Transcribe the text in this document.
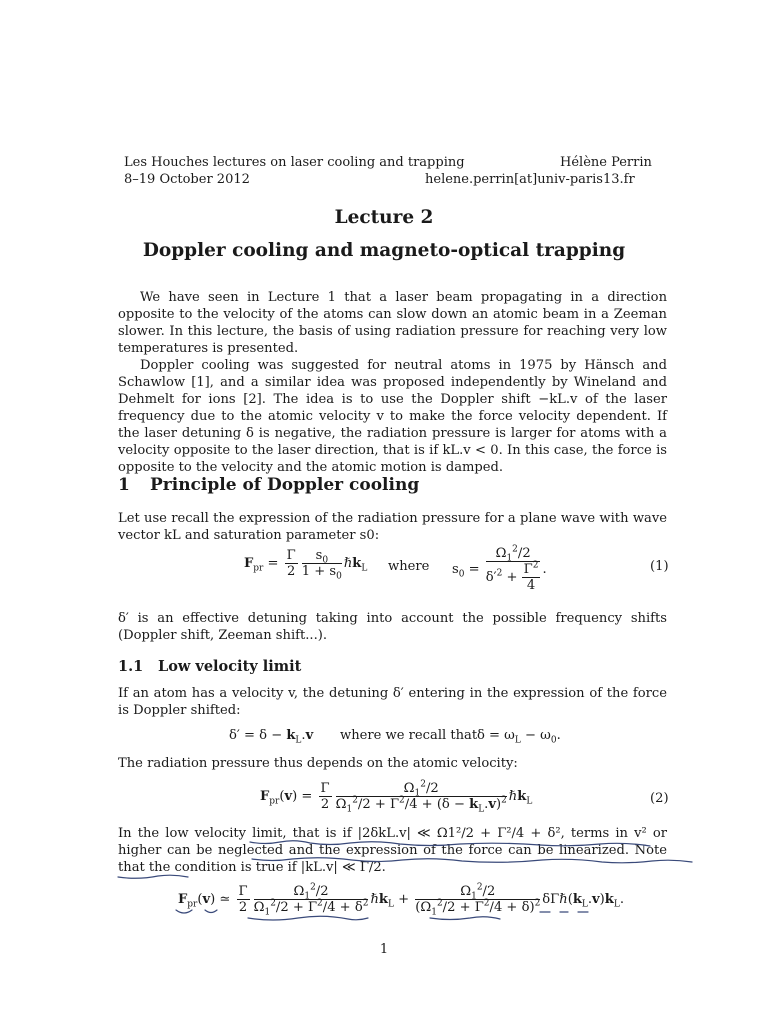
Les Houches lectures on laser cooling and trapping
8–19 October 2012
Hélène Perrin
helene.perrin[at]univ-paris13.fr
Lecture 2
Doppler cooling and magneto-optical trapping

We have seen in Lecture 1 that a laser beam propagating in a direction opposite to the velocity of the atoms can slow down an atomic beam in a Zeeman slower. In this lecture, the basis of using radiation pressure for reaching very low temperatures is presented.

Doppler cooling was suggested for neutral atoms in 1975 by Hänsch and Schawlow [1], and a similar idea was proposed independently by Wineland and Dehmelt for ions [2]. The idea is to use the Doppler shift −kL.v of the laser frequency due to the atomic velocity v to make the force velocity dependent. If the laser detuning δ is negative, the radiation pressure is larger for atoms with a velocity opposite to the laser direction, that is if kL.v < 0. In this case, the force is opposite to the velocity and the atomic motion is damped.

1 Principle of Doppler cooling

Let use recall the expression of the radiation pressure for a plane wave with wave vector kL and saturation parameter s0:

$F_{pr} = \frac{\Gamma}{2} \frac{s_0}{1 + s_0}$ ℏk$_L$ where $s_0 = \frac{\Omega_1^2/2}{\delta'^2 + \frac{\Gamma^2}{4}}$ .	(1)

δ′ is an effective detuning taking into account the possible frequency shifts (Doppler shift, Zeeman shift...).

1.1 Low velocity limit

If an atom has a velocity v, the detuning δ′ entering in the expression of the force is Doppler shifted:

$\delta' = \delta - k_L.v$ where we recall that $\delta = \omega_L - \omega_0$.

The radiation pressure thus depends on the atomic velocity:

$F_{pr}(v) = \frac{\Gamma}{2} \frac{\Omega_1^2/2}{\Omega_1^2/2 + \Gamma^2/4 + (\delta - k_L.v)^2}$ ℏk$_L$	(2)

In the low velocity limit, that is if |2δkL.v| ≪ Ω1²/2 + Γ²/4 + δ², terms in v² or higher can be neglected and the expression of the force can be linearized. Note that the condition is true if |kL.v| ≪ Γ/2.

$F_{pr}(v)$ ≃ $\frac{\Gamma}{2} \frac{\Omega_1^2/2}{\Omega_1^2/2 + \Gamma^2/4 + \delta^2}$ ℏk$_L$ + $\frac{\Omega_1^2/2}{(\Omega_1^2/2 + \Gamma^2/4 + \delta)^2}$ $\delta\Gamma\hbar(k_L.v)k_L$.
1
